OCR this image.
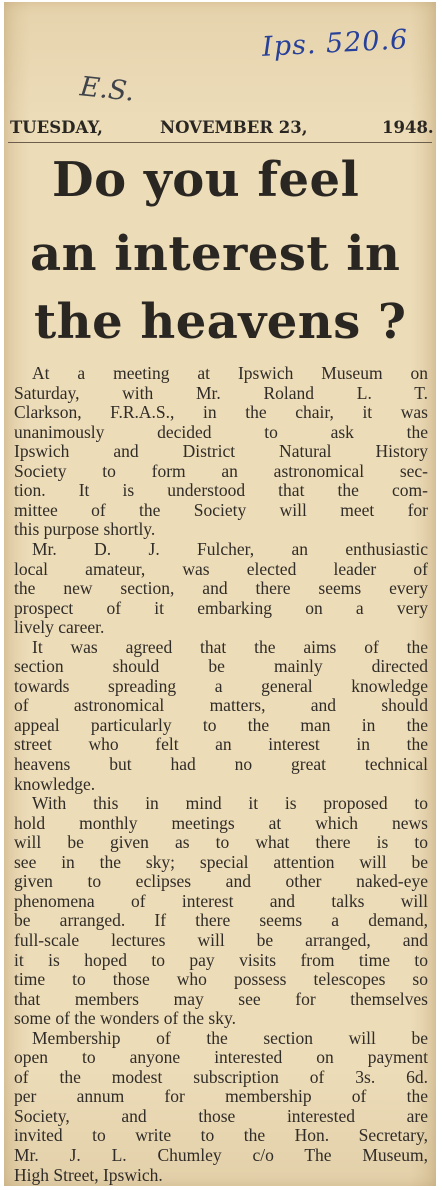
Ips. 520.6
E.S.
TUESDAY,	NOVEMBER 23,	1948.
Do you feel
an interest in
the heavens ?
At a meeting at Ipswich Museum on
Saturday, with Mr. Roland L. T.
Clarkson, F.R.A.S., in the chair, it was
unanimously decided to ask the
Ipswich and District Natural History
Society to form an astronomical sec-
tion. It is understood that the com-
mittee of the Society will meet for
this purpose shortly.
Mr. D. J. Fulcher, an enthusiastic
local amateur, was elected leader of
the new section, and there seems every
prospect of it embarking on a very
lively career.
It was agreed that the aims of the
section should be mainly directed
towards spreading a general knowledge
of astronomical matters, and should
appeal particularly to the man in the
street who felt an interest in the
heavens but had no great technical
knowledge.
With this in mind it is proposed to
hold monthly meetings at which news
will be given as to what there is to
see in the sky; special attention will be
given to eclipses and other naked-eye
phenomena of interest and talks will
be arranged. If there seems a demand,
full-scale lectures will be arranged, and
it is hoped to pay visits from time to
time to those who possess telescopes so
that members may see for themselves
some of the wonders of the sky.
Membership of the section will be
open to anyone interested on payment
of the modest subscription of 3s. 6d.
per annum for membership of the
Society, and those interested are
invited to write to the Hon. Secretary,
Mr. J. L. Chumley c/o The Museum,
High Street, Ipswich.
